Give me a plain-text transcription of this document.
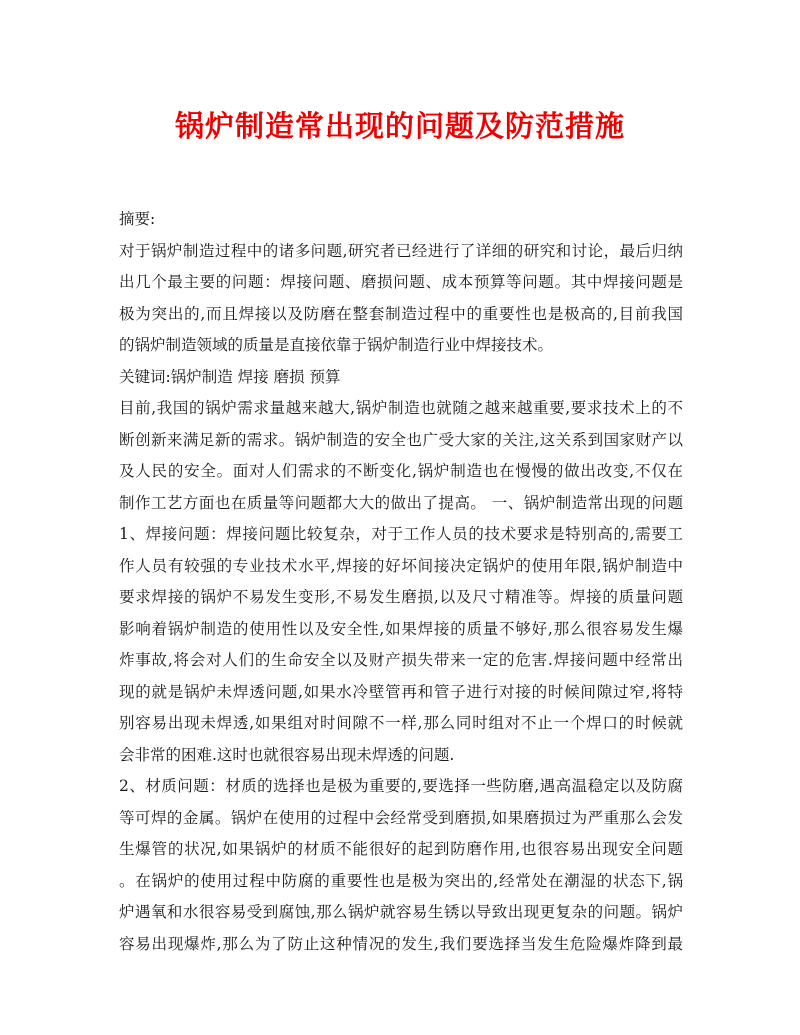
锅炉制造常出现的问题及防范措施
摘要:
对于锅炉制造过程中的诸多问题,研究者已经进行了详细的研究和讨论，最后归纳
出几个最主要的问题：焊接问题、磨损问题、成本预算等问题。其中焊接问题是
极为突出的,而且焊接以及防磨在整套制造过程中的重要性也是极高的,目前我国
的锅炉制造领域的质量是直接依靠于锅炉制造行业中焊接技术。
关键词:锅炉制造 焊接 磨损 预算
目前,我国的锅炉需求量越来越大,锅炉制造也就随之越来越重要,要求技术上的不
断创新来满足新的需求。锅炉制造的安全也广受大家的关注,这关系到国家财产以
及人民的安全。面对人们需求的不断变化,锅炉制造也在慢慢的做出改变,不仅在
制作工艺方面也在质量等问题都大大的做出了提高。 一、锅炉制造常出现的问题
1、焊接问题：焊接问题比较复杂，对于工作人员的技术要求是特别高的,需要工
作人员有较强的专业技术水平,焊接的好坏间接决定锅炉的使用年限,锅炉制造中
要求焊接的锅炉不易发生变形,不易发生磨损,以及尺寸精准等。焊接的质量问题
影响着锅炉制造的使用性以及安全性,如果焊接的质量不够好,那么很容易发生爆
炸事故,将会对人们的生命安全以及财产损失带来一定的危害.焊接问题中经常出
现的就是锅炉未焊透问题,如果水冷壁管再和管子进行对接的时候间隙过窄,将特
别容易出现未焊透,如果组对时间隙不一样,那么同时组对不止一个焊口的时候就
会非常的困难.这时也就很容易出现未焊透的问题.
2、材质问题：材质的选择也是极为重要的,要选择一些防磨,遇高温稳定以及防腐
等可焊的金属。锅炉在使用的过程中会经常受到磨损,如果磨损过为严重那么会发
生爆管的状况,如果锅炉的材质不能很好的起到防磨作用,也很容易出现安全问题
。在锅炉的使用过程中防腐的重要性也是极为突出的,经常处在潮湿的状态下,锅
炉遇氧和水很容易受到腐蚀,那么锅炉就容易生锈以导致出现更复杂的问题。锅炉
容易出现爆炸,那么为了防止这种情况的发生,我们要选择当发生危险爆炸降到最
